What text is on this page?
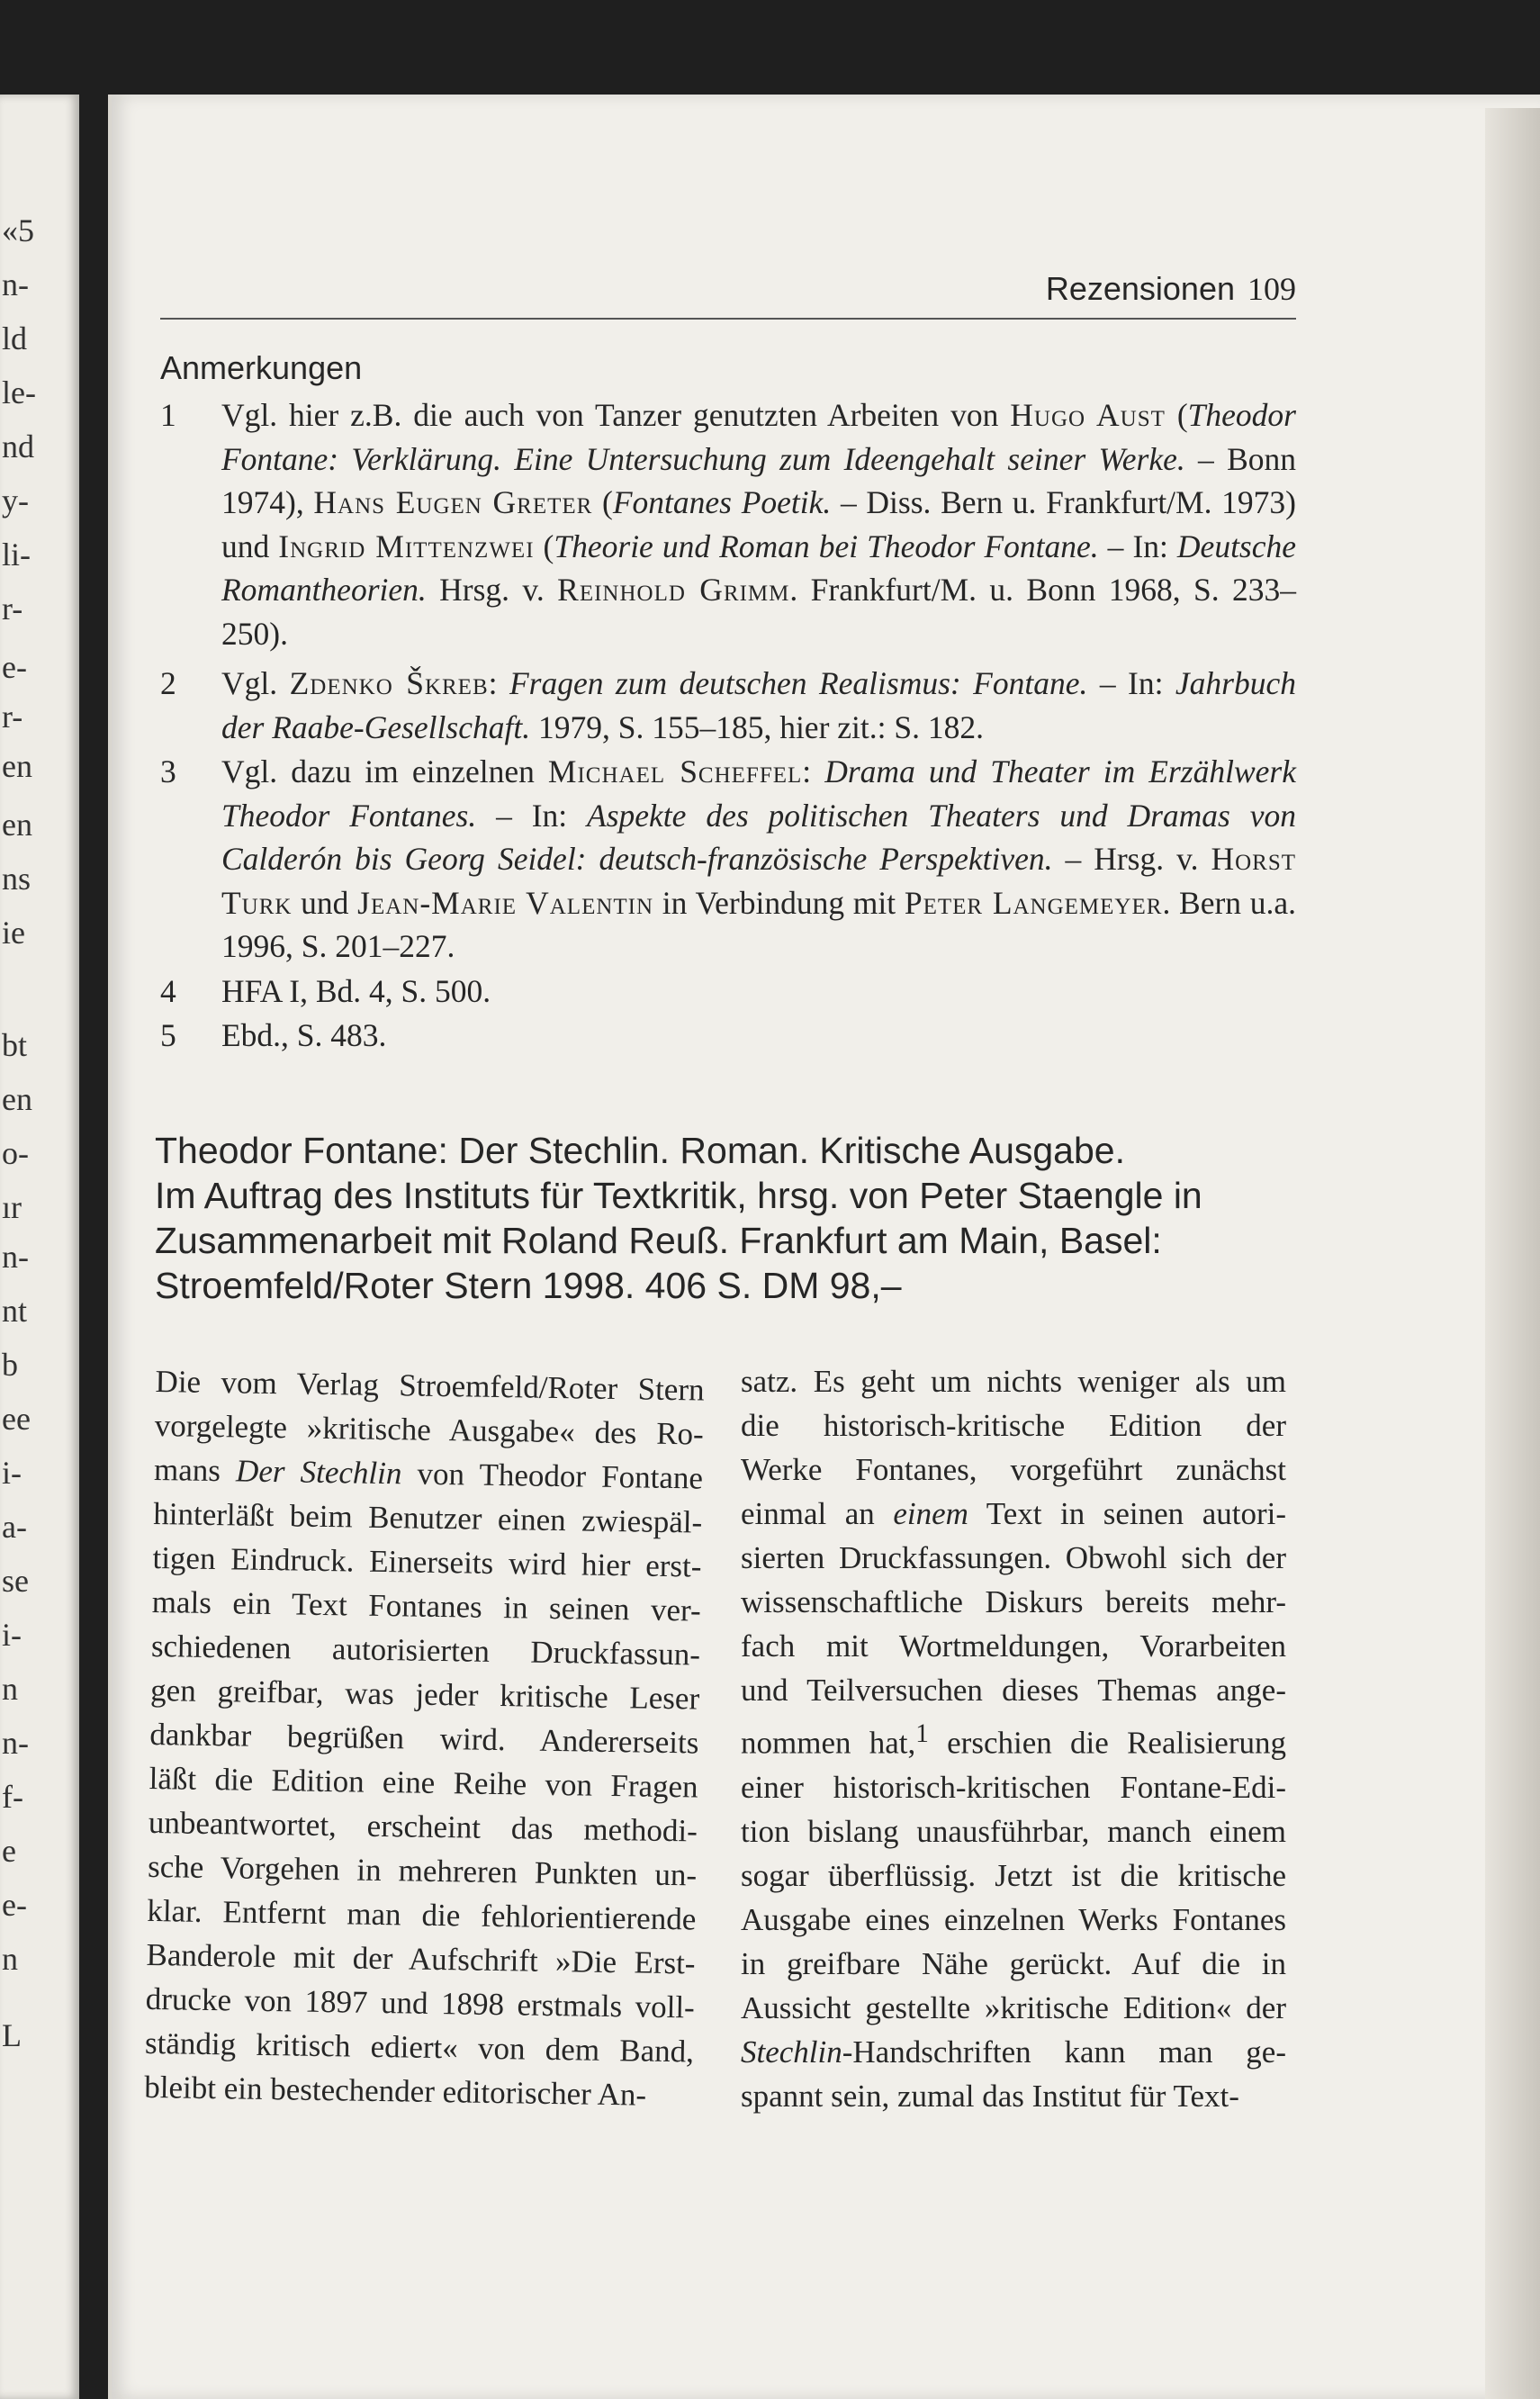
«5
n-
ld
le-
nd
y-
li-
r-
e-
r-
en
en
ns
ie
bt
en
o-
ır
n-
nt
b
ee
i-
a-
se
i-
n
n-
f-
e
e-
n
L
Rezensionen 109
Anmerkungen
1 Vgl. hier z.B. die auch von Tanzer genutzten Arbeiten von Hugo Aust (Theodor Fontane: Verklärung. Eine Untersuchung zum Ideengehalt seiner Werke. – Bonn 1974), Hans Eugen Greter (Fontanes Poetik. – Diss. Bern u. Frankfurt/M. 1973) und Ingrid Mittenzwei (Theorie und Roman bei Theodor Fontane. – In: Deutsche Romantheorien. Hrsg. v. Reinhold Grimm. Frankfurt/M. u. Bonn 1968, S. 233–250).
2 Vgl. Zdenko Škreb: Fragen zum deutschen Realismus: Fontane. – In: Jahrbuch der Raabe-Gesellschaft. 1979, S. 155–185, hier zit.: S. 182.
3 Vgl. dazu im einzelnen Michael Scheffel: Drama und Theater im Erzählwerk Theodor Fontanes. – In: Aspekte des politischen Theaters und Dramas von Calderón bis Georg Seidel: deutsch-französische Perspektiven. – Hrsg. v. Horst Turk und Jean-Marie Valentin in Verbindung mit Peter Langemeyer. Bern u.a. 1996, S. 201–227.
4 HFA I, Bd. 4, S. 500.
5 Ebd., S. 483.
Theodor Fontane: Der Stechlin. Roman. Kritische Ausgabe.
Im Auftrag des Instituts für Textkritik, hrsg. von Peter Staengle in
Zusammenarbeit mit Roland Reuß. Frankfurt am Main, Basel:
Stroemfeld/Roter Stern 1998. 406 S. DM 98,–
Die vom Verlag Stroemfeld/Roter Stern
vorgelegte »kritische Ausgabe« des Ro-
mans Der Stechlin von Theodor Fontane
hinterläßt beim Benutzer einen zwiespäl-
tigen Eindruck. Einerseits wird hier erst-
mals ein Text Fontanes in seinen ver-
schiedenen autorisierten Druckfassun-
gen greifbar, was jeder kritische Leser
dankbar begrüßen wird. Andererseits
läßt die Edition eine Reihe von Fragen
unbeantwortet, erscheint das methodi-
sche Vorgehen in mehreren Punkten un-
klar. Entfernt man die fehlorientierende
Banderole mit der Aufschrift »Die Erst-
drucke von 1897 und 1898 erstmals voll-
ständig kritisch ediert« von dem Band,
bleibt ein bestechender editorischer An-
satz. Es geht um nichts weniger als um
die historisch-kritische Edition der
Werke Fontanes, vorgeführt zunächst
einmal an einem Text in seinen autori-
sierten Druckfassungen. Obwohl sich der
wissenschaftliche Diskurs bereits mehr-
fach mit Wortmeldungen, Vorarbeiten
und Teilversuchen dieses Themas ange-
nommen hat,$^1$ erschien die Realisierung
einer historisch-kritischen Fontane-Edi-
tion bislang unausführbar, manch einem
sogar überflüssig. Jetzt ist die kritische
Ausgabe eines einzelnen Werks Fontanes
in greifbare Nähe gerückt. Auf die in
Aussicht gestellte »kritische Edition« der
Stechlin-Handschriften kann man ge-
spannt sein, zumal das Institut für Text-
